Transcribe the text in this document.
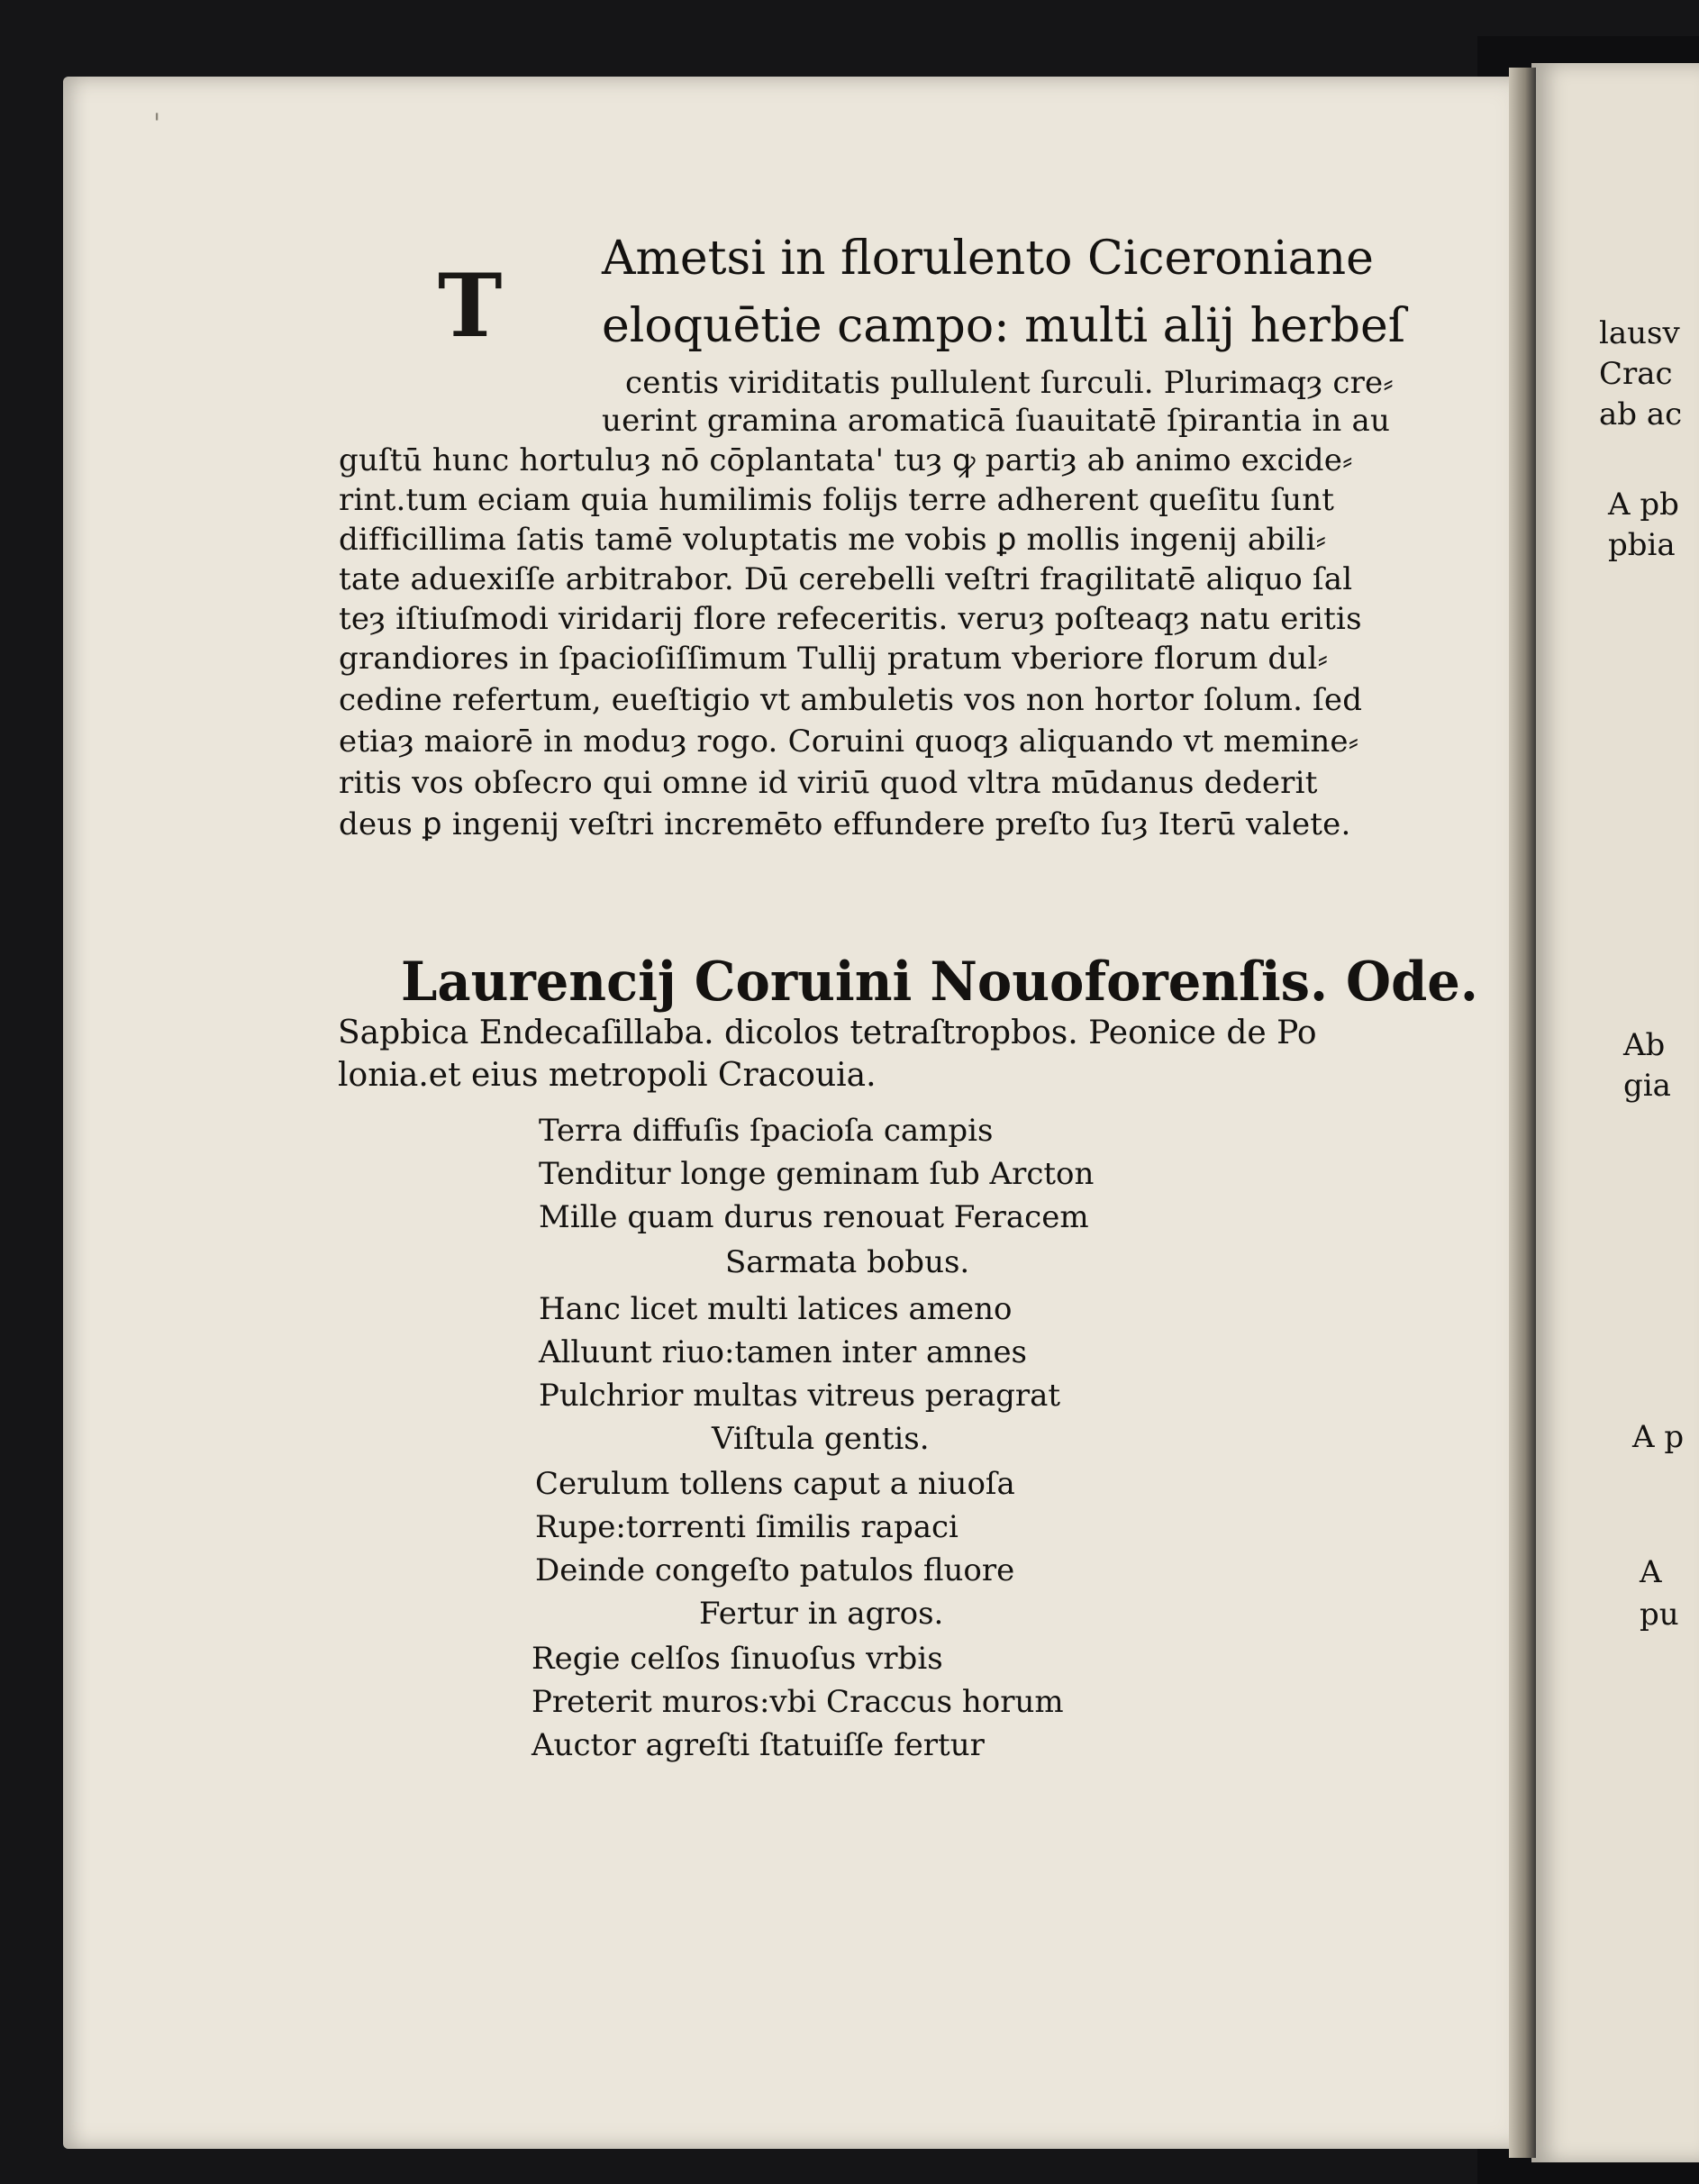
'
T Ametsi in florulento Ciceroniane
eloquētie campo: multi alij herbeſ
centis viriditatis pullulent ſurculi. Plurimaqȝ cre⸗
uerint gramina aromaticā ſuauitatē ſpirantia in au
guſtū hunc hortuluȝ nō cōplantata' tuȝ ꝙ partiȝ ab animo excide⸗
rint.tum eciam quia humilimis folijs terre adherent queſitu ſunt
difficillima ſatis tamē voluptatis me vobis ꝑ mollis ingenij abili⸗
tate aduexiſſe arbitrabor. Dū cerebelli veſtri fragilitatē aliquo ſal
teȝ iſtiuſmodi viridarij flore refeceritis. veruȝ poſteaqȝ natu eritis
grandiores in ſpacioſiſſimum Tullij pratum vberiore florum dul⸗
cedine refertum, eueſtigio vt ambuletis vos non hortor ſolum. ſed
etiaȝ maiorē in moduȝ rogo. Coruini quoqȝ aliquando vt memine⸗
ritis vos obſecro qui omne id viriū quod vltra mūdanus dederit
deus ꝑ ingenij veſtri incremēto effundere preſto ſuȝ Iterū valete.
Laurencij Coruini Nouoforenſis. Ode.
Sapbica Endecaſillaba. dicolos tetraſtropbos. Peonice de Po
lonia.et eius metropoli Cracouia.
Terra diffuſis ſpacioſa campis
Tenditur longe geminam ſub Arcton
Mille quam durus renouat Feracem
Sarmata bobus.
Hanc licet multi latices ameno
Alluunt riuo:tamen inter amnes
Pulchrior multas vitreus peragrat
Viſtula gentis.
Cerulum tollens caput a niuoſa
Rupe:torrenti ſimilis rapaci
Deinde congeſto patulos fluore
Fertur in agros.
Regie celſos ſinuoſus vrbis
Preterit muros:vbi Craccus horum
Auctor agreſti ſtatuiſſe fertur
lausv
Crac
ab ac
A pb
pbia
Ab
gia
A p
A
pu
